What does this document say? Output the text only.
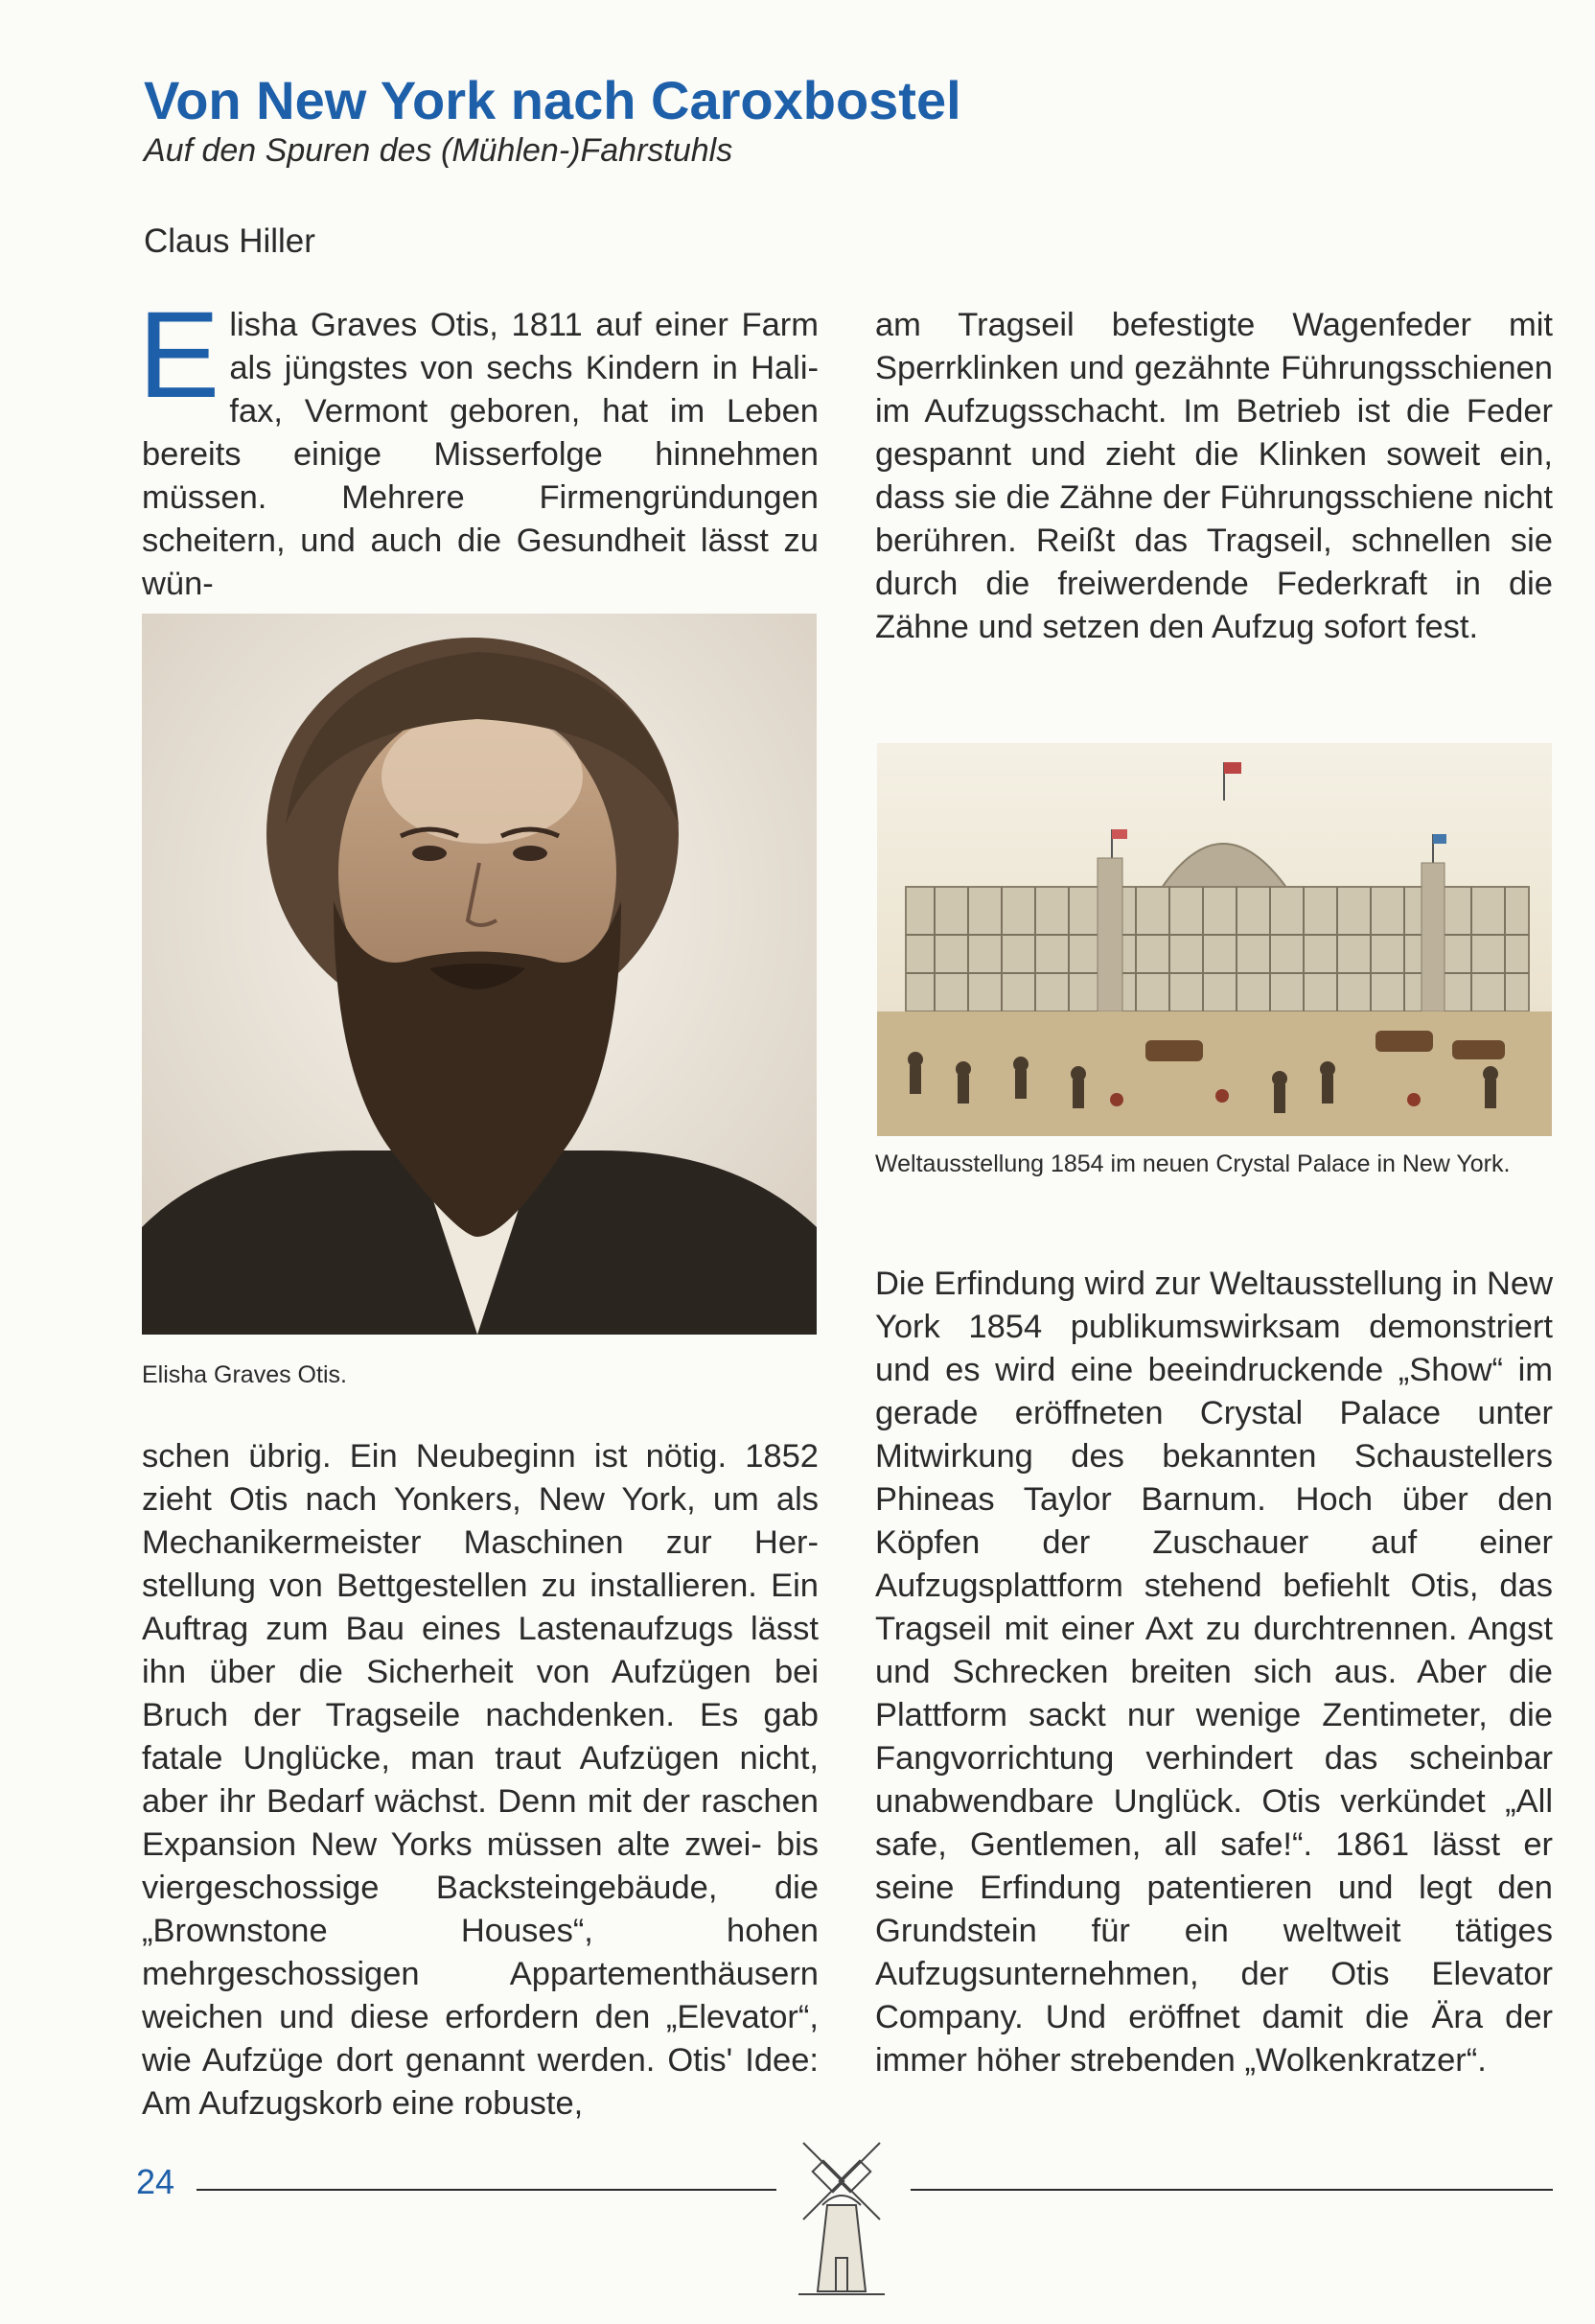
Von New York nach Caroxbostel
Auf den Spuren des (Mühlen-)Fahrstuhls
Claus Hiller
Elisha Graves Otis, 1811 auf einer Farm als jüngstes von sechs Kindern in Halifax, Vermont geboren, hat im Leben bereits einige Misserfolge hinnehmen müssen. Mehrere Firmengründungen scheitern, und auch die Gesundheit lässt zu wün-
Elisha Graves Otis.
schen übrig. Ein Neubeginn ist nötig. 1852 zieht Otis nach Yonkers, New York, um als Mechanikermeister Maschinen zur Herstellung von Bettgestellen zu installieren. Ein Auftrag zum Bau eines Lastenaufzugs lässt ihn über die Sicherheit von Aufzügen bei Bruch der Tragseile nachdenken. Es gab fatale Unglücke, man traut Aufzügen nicht, aber ihr Bedarf wächst. Denn mit der raschen Expansion New Yorks müssen alte zwei- bis viergeschossige Backsteingebäude, die „Brownstone Houses“, hohen mehrgeschossigen Appartementhäusern weichen und diese erfordern den „Elevator“, wie Aufzüge dort genannt werden. Otis' Idee: Am Aufzugskorb eine robuste,
am Tragseil befestigte Wagenfeder mit Sperrklinken und gezähnte Führungsschienen im Aufzugsschacht. Im Betrieb ist die Feder gespannt und zieht die Klinken soweit ein, dass sie die Zähne der Führungsschiene nicht berühren. Reißt das Tragseil, schnellen sie durch die freiwerdende Federkraft in die Zähne und setzen den Aufzug sofort fest.
Weltausstellung 1854 im neuen Crystal Palace in New York.
Die Erfindung wird zur Weltausstellung in New York 1854 publikumswirksam demonstriert und es wird eine beeindruckende „Show“ im gerade eröffneten Crystal Palace unter Mitwirkung des bekannten Schaustellers Phineas Taylor Barnum. Hoch über den Köpfen der Zuschauer auf einer Aufzugsplattform stehend befiehlt Otis, das Tragseil mit einer Axt zu durchtrennen. Angst und Schrecken breiten sich aus. Aber die Plattform sackt nur wenige Zentimeter, die Fangvorrichtung verhindert das scheinbar unabwendbare Unglück. Otis verkündet „All safe, Gentlemen, all safe!“. 1861 lässt er seine Erfindung patentieren und legt den Grundstein für ein weltweit tätiges Aufzugsunternehmen, der Otis Elevator Company. Und eröffnet damit die Ära der immer höher strebenden „Wolkenkratzer“.
24
